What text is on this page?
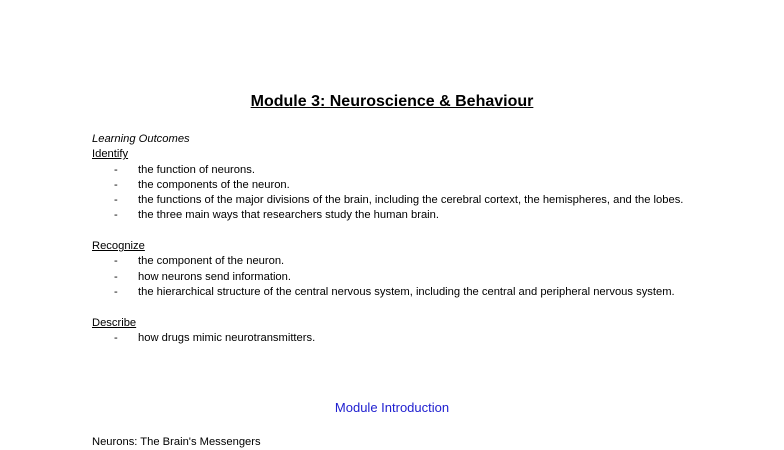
Module 3: Neuroscience & Behaviour
Learning Outcomes
Identify
- the function of neurons.
- the components of the neuron.
- the functions of the major divisions of the brain, including the cerebral cortext, the hemispheres, and the lobes.
- the three main ways that researchers study the human brain.
Recognize
- the component of the neuron.
- how neurons send information.
- the hierarchical structure of the central nervous system, including the central and peripheral nervous system.
Describe
- how drugs mimic neurotransmitters.
Module Introduction
Neurons: The Brain's Messengers
